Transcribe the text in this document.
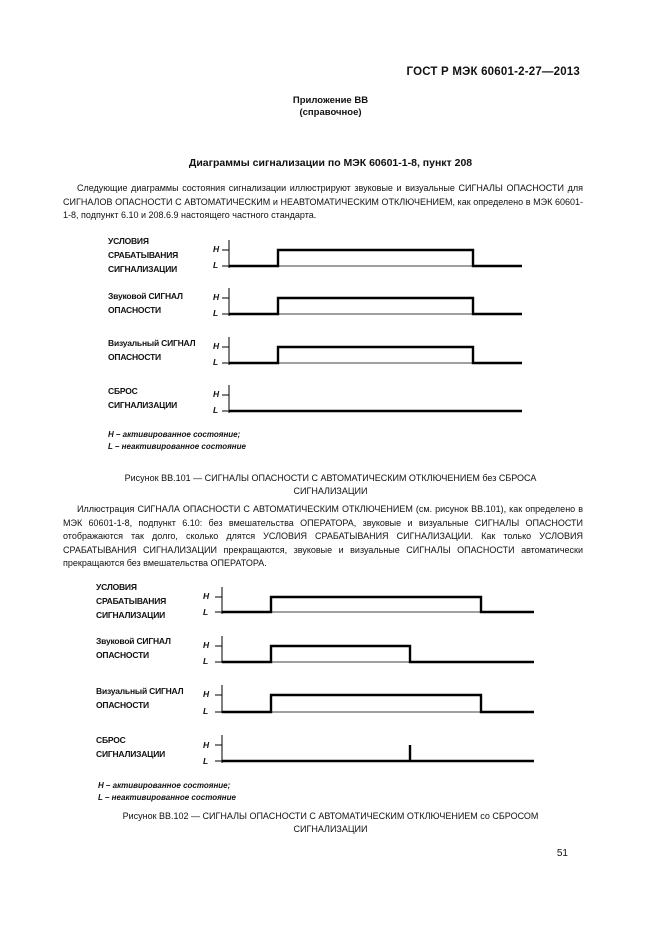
ГОСТ Р МЭК 60601-2-27—2013
Приложение ВВ
(справочное)
Диаграммы сигнализации по МЭК 60601-1-8, пункт 208

Следующие диаграммы состояния сигнализации иллюстрируют звуковые и визуальные СИГНАЛЫ ОПАСНОСТИ для СИГНАЛОВ ОПАСНОСТИ С АВТОМАТИЧЕСКИМ и НЕАВТОМАТИЧЕСКИМ ОТКЛЮЧЕНИЕМ, как определено в МЭК 60601-1-8, подпункт 6.10 и 208.6.9 настоящего частного стандарта.

УСЛОВИЯ
СРАБАТЫВАНИЯ
СИГНАЛИЗАЦИИ
Звуковой СИГНАЛ
ОПАСНОСТИ
Визуальный СИГНАЛ
ОПАСНОСТИ
СБРОС
СИГНАЛИЗАЦИИ
H
L
H
L
H
L
H
L
H – активированное состояние;
L – неактивированное состояние
Рисунок ВВ.101 — СИГНАЛЫ ОПАСНОСТИ С АВТОМАТИЧЕСКИМ ОТКЛЮЧЕНИЕМ без СБРОСА
СИГНАЛИЗАЦИИ

Иллюстрация СИГНАЛА ОПАСНОСТИ С АВТОМАТИЧЕСКИМ ОТКЛЮЧЕНИЕМ (см. рисунок ВВ.101), как определено в МЭК 60601-1-8, подпункт 6.10: без вмешательства ОПЕРАТОРА, звуковые и визуальные СИГНАЛЫ ОПАСНОСТИ отображаются так долго, сколько длятся УСЛОВИЯ СРАБАТЫВАНИЯ СИГНАЛИЗАЦИИ. Как только УСЛОВИЯ СРАБАТЫВАНИЯ СИГНАЛИЗАЦИИ прекращаются, звуковые и визуальные СИГНАЛЫ ОПАСНОСТИ автоматически прекращаются без вмешательства ОПЕРАТОРА.

УСЛОВИЯ
СРАБАТЫВАНИЯ
СИГНАЛИЗАЦИИ
Звуковой СИГНАЛ
ОПАСНОСТИ
Визуальный СИГНАЛ
ОПАСНОСТИ
СБРОС
СИГНАЛИЗАЦИИ
H
L
H
L
H
L
H
L
H – активированное состояние;
L – неактивированное состояние
Рисунок ВВ.102 — СИГНАЛЫ ОПАСНОСТИ С АВТОМАТИЧЕСКИМ ОТКЛЮЧЕНИЕМ со СБРОСОМ
СИГНАЛИЗАЦИИ
51
